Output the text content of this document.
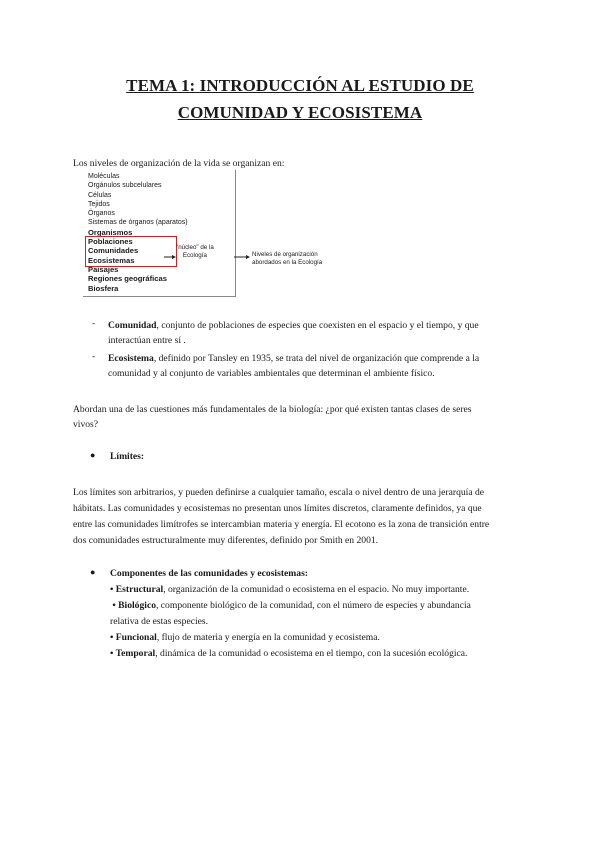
TEMA 1: INTRODUCCIÓN AL ESTUDIO DE
COMUNIDAD Y ECOSISTEMA
Los niveles de organización de la vida se organizan en:
Moléculas
Orgánulos subcelulares
Células
Tejidos
Órganos
Sistemas de órganos (aparatos)
Organismos
Poblaciones
Comunidades
Ecosistemas
Paisajes
Regiones geográficas
Biosfera
"núcleo" de la
Ecología	Niveles de organización
abordados en la Ecología
- Comunidad, conjunto de poblaciones de especies que coexisten en el espacio y el tiempo, y que
interactúan entre sí .
- Ecosistema, definido por Tansley en 1935, se trata del nivel de organización que comprende a la
comunidad y al conjunto de variables ambientales que determinan el ambiente físico.
Abordan una de las cuestiones más fundamentales de la biología: ¿por qué existen tantas clases de seres
vivos?
● Límites:
Los límites son arbitrarios, y pueden definirse a cualquier tamaño, escala o nivel dentro de una jerarquía de
hábitats. Las comunidades y ecosistemas no presentan unos límites discretos, claramente definidos, ya que
entre las comunidades limítrofes se intercambian materia y energía. El ecotono es la zona de transición entre
dos comunidades estructuralmente muy diferentes, definido por Smith en 2001.
● Componentes de las comunidades y ecosistemas:
• Estructural, organización de la comunidad o ecosistema en el espacio. No muy importante.
• Biológico, componente biológico de la comunidad, con el número de especies y abundancia
relativa de estas especies.
• Funcional, flujo de materia y energía en la comunidad y ecosistema.
• Temporal, dinámica de la comunidad o ecosistema en el tiempo, con la sucesión ecológica.
